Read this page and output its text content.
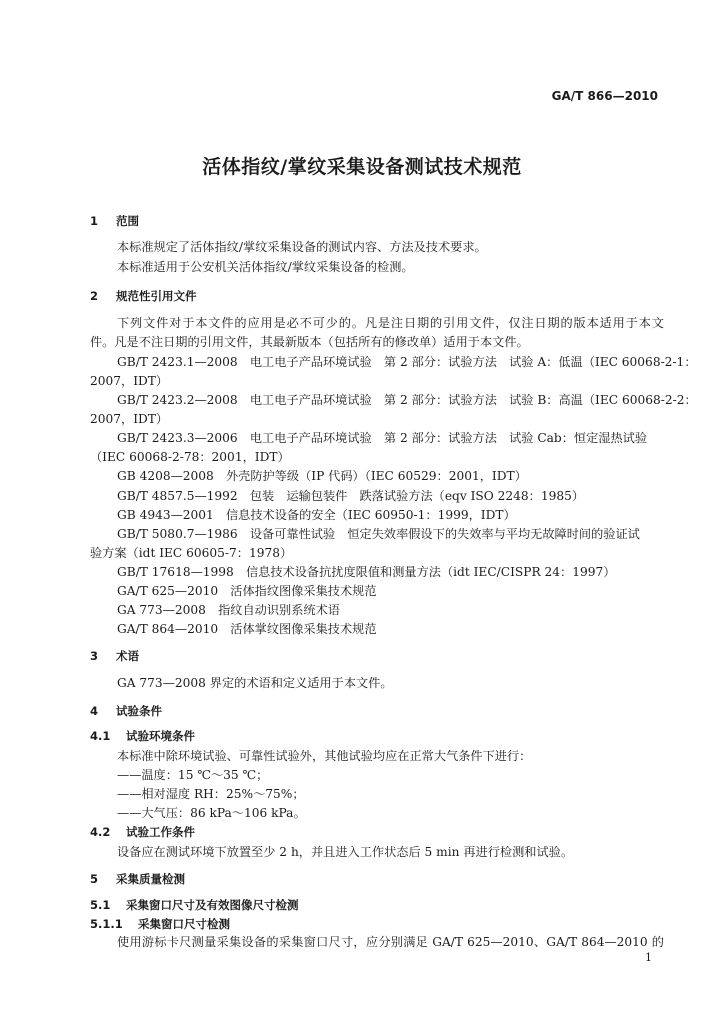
GA/T 866—2010
活体指纹/掌纹采集设备测试技术规范
1 范围
本标准规定了活体指纹/掌纹采集设备的测试内容、方法及技术要求。
本标准适用于公安机关活体指纹/掌纹采集设备的检测。
2 规范性引用文件
下列文件对于本文件的应用是必不可少的。凡是注日期的引用文件，仅注日期的版本适用于本文
件。凡是不注日期的引用文件，其最新版本（包括所有的修改单）适用于本文件。
GB/T 2423.1—2008　电工电子产品环境试验　第 2 部分：试验方法　试验 A：低温（IEC 60068-2-1：
2007，IDT）
GB/T 2423.2—2008　电工电子产品环境试验　第 2 部分：试验方法　试验 B：高温（IEC 60068-2-2：
2007，IDT）
GB/T 2423.3—2006　电工电子产品环境试验　第 2 部分：试验方法　试验 Cab：恒定湿热试验
（IEC 60068-2-78：2001，IDT）
GB 4208—2008　外壳防护等级（IP 代码）（IEC 60529：2001，IDT）
GB/T 4857.5—1992　包装　运输包装件　跌落试验方法（eqv ISO 2248：1985）
GB 4943—2001　信息技术设备的安全（IEC 60950-1：1999，IDT）
GB/T 5080.7—1986　设备可靠性试验　恒定失效率假设下的失效率与平均无故障时间的验证试
验方案（idt IEC 60605-7：1978）
GB/T 17618—1998　信息技术设备抗扰度限值和测量方法（idt IEC/CISPR 24：1997）
GA/T 625—2010　活体指纹图像采集技术规范
GA 773—2008　指纹自动识别系统术语
GA/T 864—2010　活体掌纹图像采集技术规范
3 术语
GA 773—2008 界定的术语和定义适用于本文件。
4 试验条件
4.1 试验环境条件
本标准中除环境试验、可靠性试验外，其他试验均应在正常大气条件下进行：
——温度：15 ℃～35 ℃；
——相对湿度 RH：25%～75%；
——大气压：86 kPa～106 kPa。
4.2 试验工作条件
设备应在测试环境下放置至少 2 h，并且进入工作状态后 5 min 再进行检测和试验。
5 采集质量检测
5.1 采集窗口尺寸及有效图像尺寸检测
5.1.1 采集窗口尺寸检测
使用游标卡尺测量采集设备的采集窗口尺寸，应分别满足 GA/T 625—2010、GA/T 864—2010 的
1
